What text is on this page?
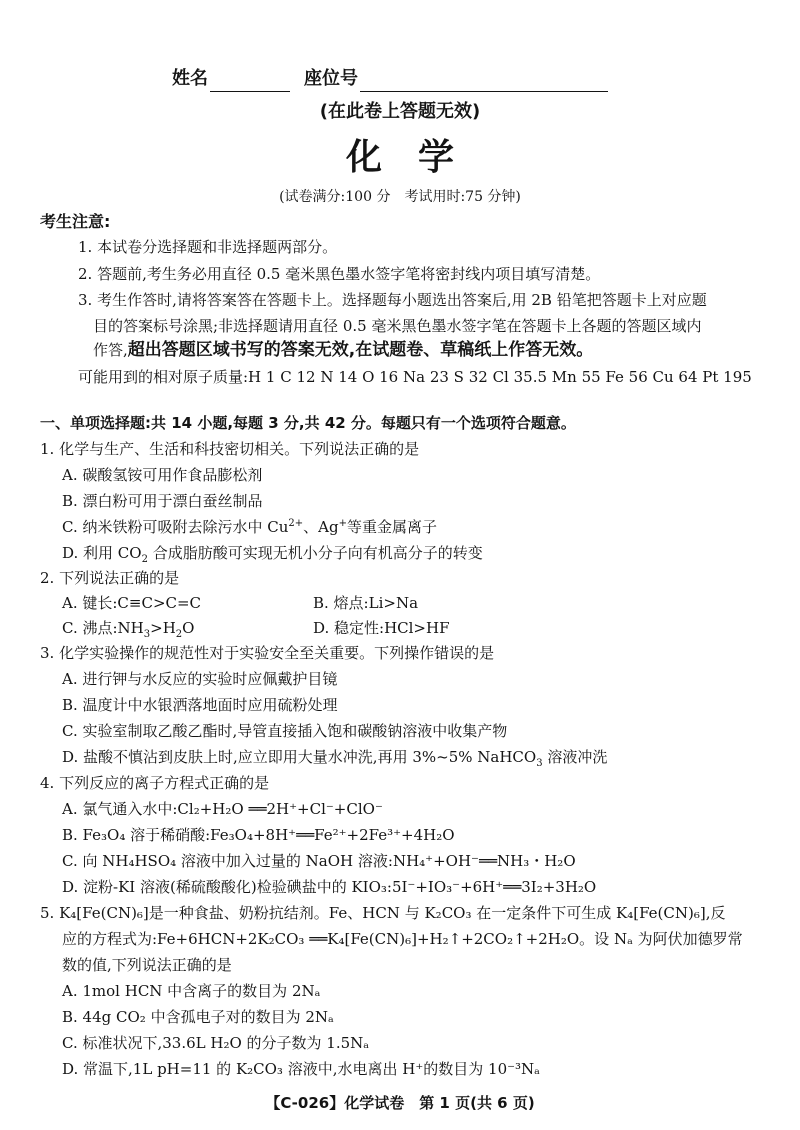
姓名	座位号
(在此卷上答题无效)
化　学
(试卷满分:100 分　考试用时:75 分钟)
考生注意:
1. 本试卷分选择题和非选择题两部分。
2. 答题前,考生务必用直径 0.5 毫米黑色墨水签字笔将密封线内项目填写清楚。
3. 考生作答时,请将答案答在答题卡上。选择题每小题选出答案后,用 2B 铅笔把答题卡上对应题
目的答案标号涂黑;非选择题请用直径 0.5 毫米黑色墨水签字笔在答题卡上各题的答题区域内
作答,超出答题区域书写的答案无效,在试题卷、草稿纸上作答无效。
可能用到的相对原子质量:H 1 C 12 N 14 O 16 Na 23 S 32 Cl 35.5 Mn 55 Fe 56 Cu 64 Pt 195
一、单项选择题:共 14 小题,每题 3 分,共 42 分。每题只有一个选项符合题意。
1. 化学与生产、生活和科技密切相关。下列说法正确的是
A. 碳酸氢铵可用作食品膨松剂
B. 漂白粉可用于漂白蚕丝制品
C. 纳米铁粉可吸附去除污水中 $Cu^{2+}$、Ag+等重金属离子
D. 利用 $CO_2$ 合成脂肪酸可实现无机小分子向有机高分子的转变
2. 下列说法正确的是
A. 键长:C≡C>C=C	B. 熔点:Li>Na
C. 沸点$:NH_3>H_2O$	D. 稳定性:HCl>HF
3. 化学实验操作的规范性对于实验安全至关重要。下列操作错误的是
A. 进行钾与水反应的实验时应佩戴护目镜
B. 温度计中水银洒落地面时应用硫粉处理
C. 实验室制取乙酸乙酯时,导管直接插入饱和碳酸钠溶液中收集产物
D. 盐酸不慎沾到皮肤上时,应立即用大量水冲洗,再用 3%~5% NaHCO$_3$ 溶液冲洗
4. 下列反应的离子方程式正确的是
A. 氯气通入水中:Cl₂+H₂O ══2H⁺+Cl⁻+ClO⁻
B. Fe₃O₄ 溶于稀硝酸:Fe₃O₄+8H⁺══Fe²⁺+2Fe³⁺+4H₂O
C. 向 NH₄HSO₄ 溶液中加入过量的 NaOH 溶液:NH₄⁺+OH⁻══NH₃・H₂O
D. 淀粉-KI 溶液(稀硫酸酸化)检验碘盐中的 KIO₃:5I⁻+IO₃⁻+6H⁺══3I₂+3H₂O
5. K₄[Fe(CN)₆]是一种食盐、奶粉抗结剂。Fe、HCN 与 K₂CO₃ 在一定条件下可生成 K₄[Fe(CN)₆],反
应的方程式为:Fe+6HCN+2K₂CO₃ ══K₄[Fe(CN)₆]+H₂↑+2CO₂↑+2H₂O。设 Nₐ 为阿伏加德罗常
数的值,下列说法正确的是
A. 1mol HCN 中含离子的数目为 2Nₐ
B. 44g CO₂ 中含孤电子对的数目为 2Nₐ
C. 标准状况下,33.6L H₂O 的分子数为 1.5Nₐ
D. 常温下,1L pH=11 的 K₂CO₃ 溶液中,水电离出 H⁺的数目为 10⁻³Nₐ
【C-026】化学试卷　第 1 页(共 6 页)
